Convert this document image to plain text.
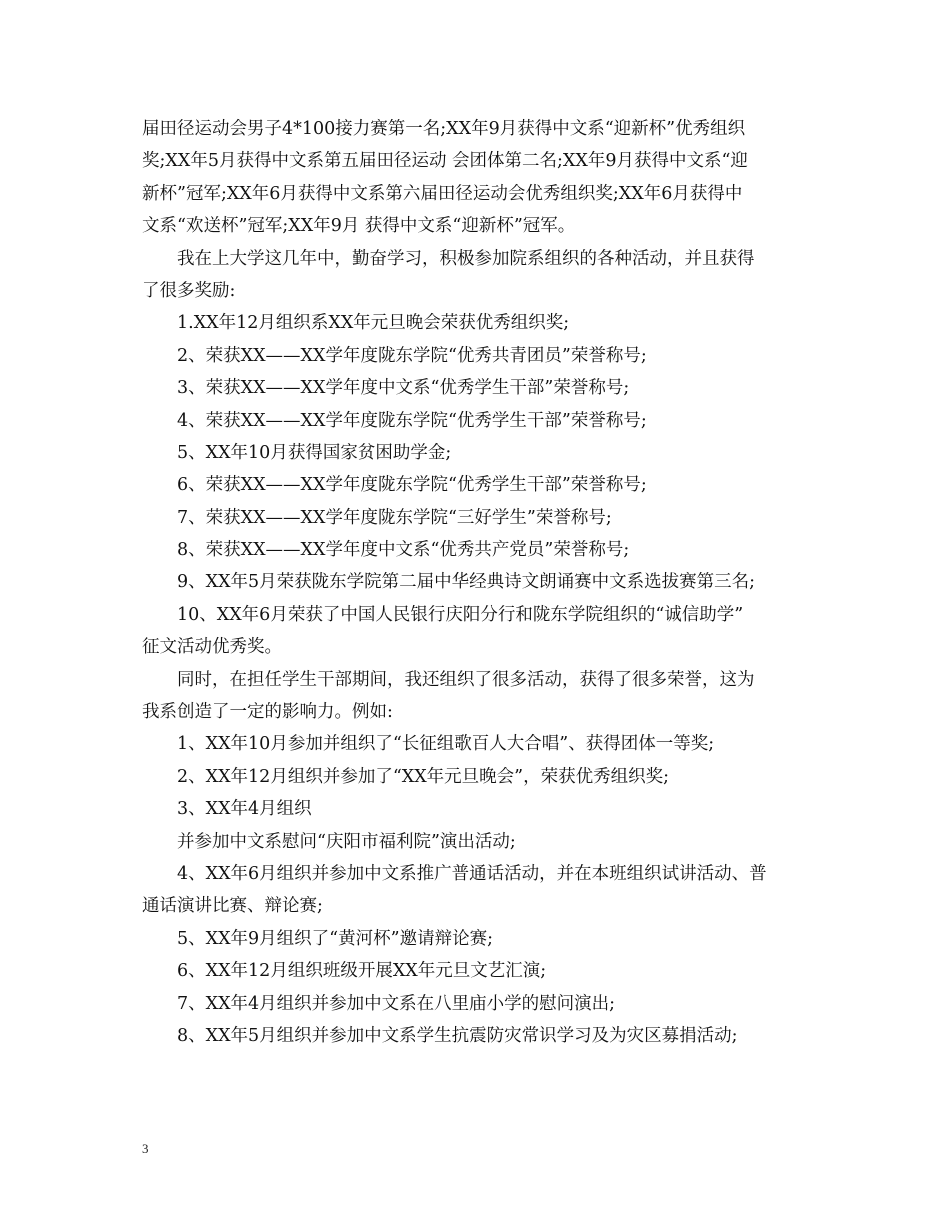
届田径运动会男子4*100接力赛第一名;XX年9月获得中文系“迎新杯”优秀组织
奖;XX年5月获得中文系第五届田径运动 会团体第二名;XX年9月获得中文系“迎
新杯”冠军;XX年6月获得中文系第六届田径运动会优秀组织奖;XX年6月获得中
文系“欢送杯”冠军;XX年9月 获得中文系“迎新杯”冠军。
我在上大学这几年中，勤奋学习，积极参加院系组织的各种活动，并且获得
了很多奖励:
1.XX年12月组织系XX年元旦晚会荣获优秀组织奖;
2、荣获XX——XX学年度陇东学院“优秀共青团员”荣誉称号;
3、荣获XX——XX学年度中文系“优秀学生干部”荣誉称号;
4、荣获XX——XX学年度陇东学院“优秀学生干部”荣誉称号;
5、XX年10月获得国家贫困助学金;
6、荣获XX——XX学年度陇东学院“优秀学生干部”荣誉称号;
7、荣获XX——XX学年度陇东学院“三好学生”荣誉称号;
8、荣获XX——XX学年度中文系“优秀共产党员”荣誉称号;
9、XX年5月荣获陇东学院第二届中华经典诗文朗诵赛中文系选拔赛第三名;
10、XX年6月荣获了中国人民银行庆阳分行和陇东学院组织的“诚信助学”
征文活动优秀奖。
同时，在担任学生干部期间，我还组织了很多活动，获得了很多荣誉，这为
我系创造了一定的影响力。例如:
1、XX年10月参加并组织了“长征组歌百人大合唱”、获得团体一等奖;
2、XX年12月组织并参加了“XX年元旦晚会”，荣获优秀组织奖;
3、XX年4月组织
并参加中文系慰问“庆阳市福利院”演出活动;
4、XX年6月组织并参加中文系推广普通话活动，并在本班组织试讲活动、普
通话演讲比赛、辩论赛;
5、XX年9月组织了“黄河杯”邀请辩论赛;
6、XX年12月组织班级开展XX年元旦文艺汇演;
7、XX年4月组织并参加中文系在八里庙小学的慰问演出;
8、XX年5月组织并参加中文系学生抗震防灾常识学习及为灾区募捐活动;
3
